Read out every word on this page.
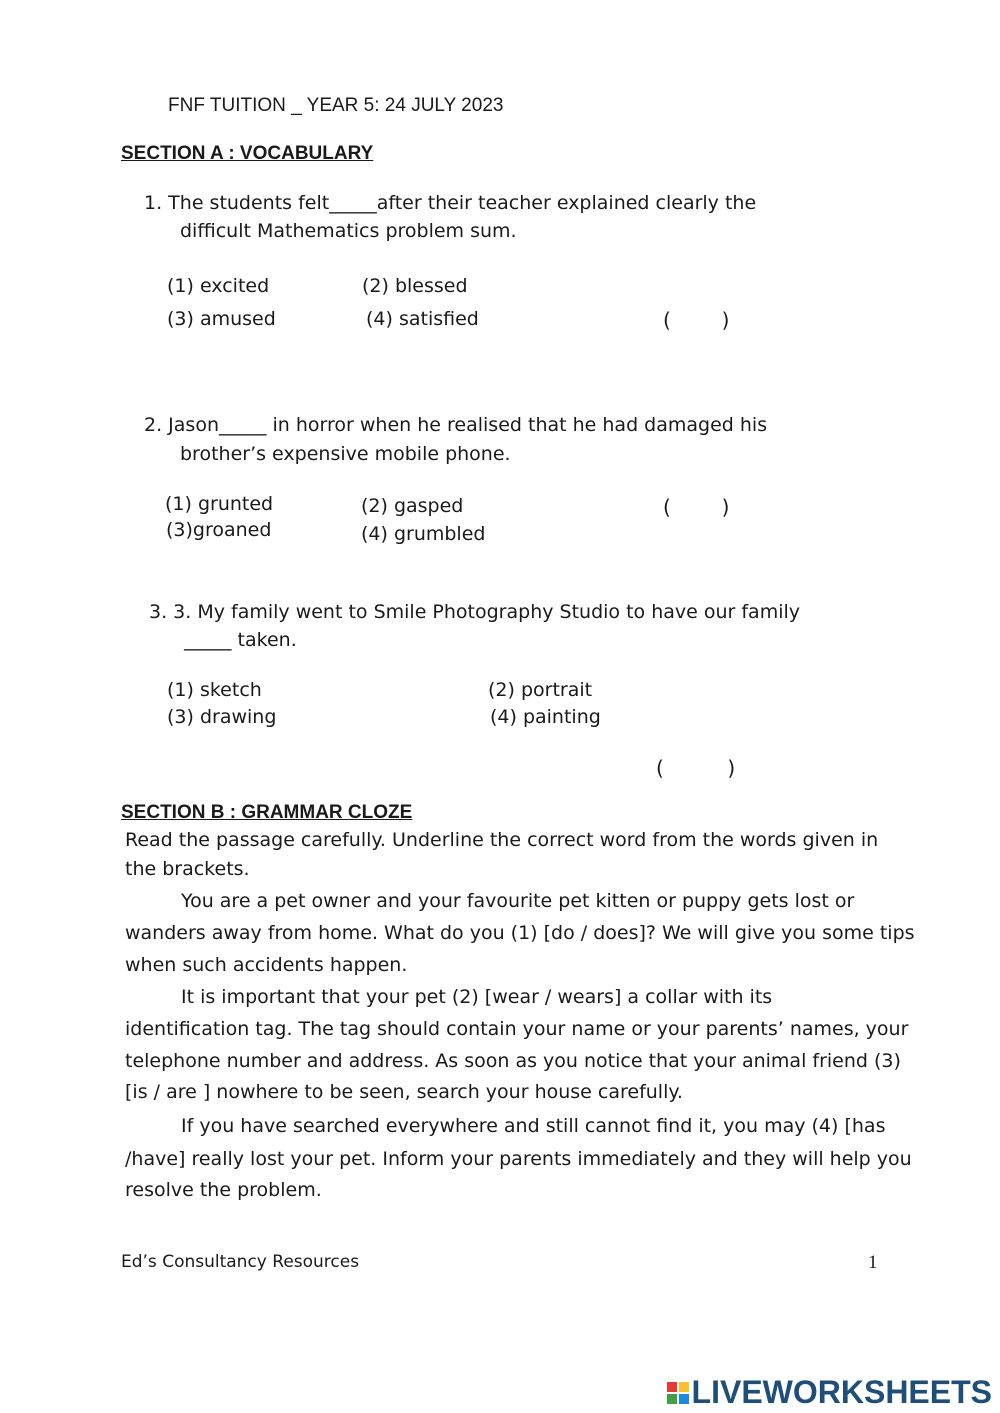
FNF TUITION _ YEAR 5: 24 JULY 2023
SECTION A : VOCABULARY
1. The students felt_____after their teacher explained clearly the
difficult Mathematics problem sum.
(1) excited	(2) blessed
(3) amused	(4) satisfied	(        )
2. Jason_____ in horror when he realised that he had damaged his
brother’s expensive mobile phone.
(1) grunted	(2) gasped
(3)groaned	(4) grumbled
(        )
3. 3. My family went to Smile Photography Studio to have our family
_____ taken.
(1) sketch	(2) portrait
(3) drawing	(4) painting
(          )
SECTION B : GRAMMAR CLOZE
Read the passage carefully. Underline the correct word from the words given in
the brackets.
You are a pet owner and your favourite pet kitten or puppy gets lost or
wanders away from home. What do you (1) [do / does]? We will give you some tips
when such accidents happen.
It is important that your pet (2) [wear / wears] a collar with its
identification tag. The tag should contain your name or your parents’ names, your
telephone number and address. As soon as you notice that your animal friend (3)
[is / are ] nowhere to be seen, search your house carefully.
If you have searched everywhere and still cannot find it, you may (4) [has
/have] really lost your pet. Inform your parents immediately and they will help you
resolve the problem.
Ed’s Consultancy Resources	1
LIVEWORKSHEETS
